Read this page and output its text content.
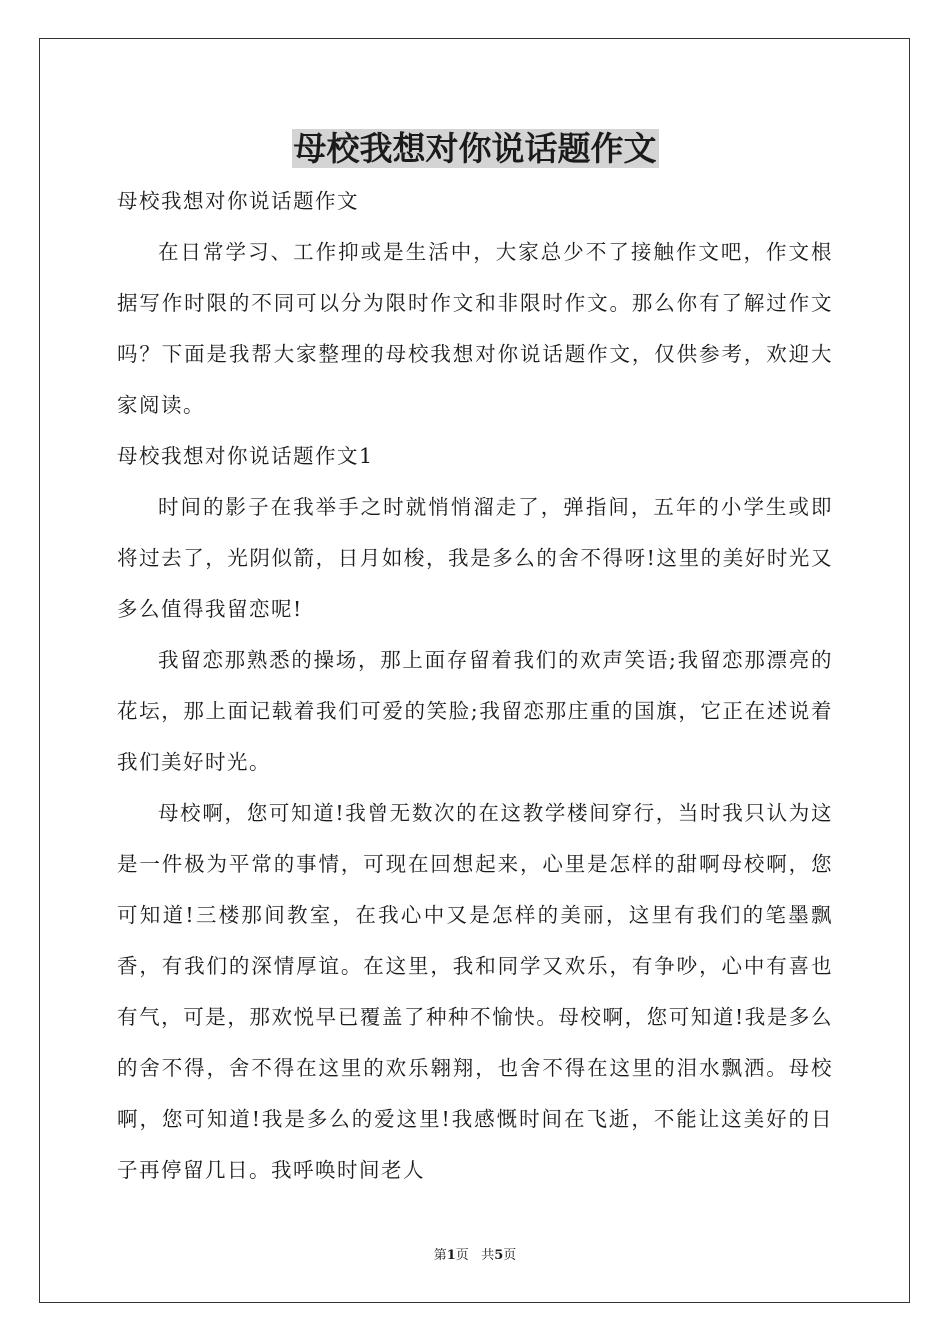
母校我想对你说话题作文

母校我想对你说话题作文

在日常学习、工作抑或是生活中，大家总少不了接触作文吧，作文根据写作时限的不同可以分为限时作文和非限时作文。那么你有了解过作文吗？下面是我帮大家整理的母校我想对你说话题作文，仅供参考，欢迎大家阅读。

母校我想对你说话题作文1

时间的影子在我举手之时就悄悄溜走了，弹指间，五年的小学生或即将过去了，光阴似箭，日月如梭，我是多么的舍不得呀!这里的美好时光又多么值得我留恋呢!

我留恋那熟悉的操场，那上面存留着我们的欢声笑语;我留恋那漂亮的花坛，那上面记载着我们可爱的笑脸;我留恋那庄重的国旗，它正在述说着我们美好时光。

母校啊，您可知道!我曾无数次的在这教学楼间穿行，当时我只认为这是一件极为平常的事情，可现在回想起来，心里是怎样的甜啊母校啊，您可知道!三楼那间教室，在我心中又是怎样的美丽，这里有我们的笔墨飘香，有我们的深情厚谊。在这里，我和同学又欢乐，有争吵，心中有喜也有气，可是，那欢悦早已覆盖了种种不愉快。母校啊，您可知道!我是多么的舍不得，舍不得在这里的欢乐翱翔，也舍不得在这里的泪水飘洒。母校啊，您可知道!我是多么的爱这里!我感慨时间在飞逝，不能让这美好的日子再停留几日。我呼唤时间老人

第1页 共5页
